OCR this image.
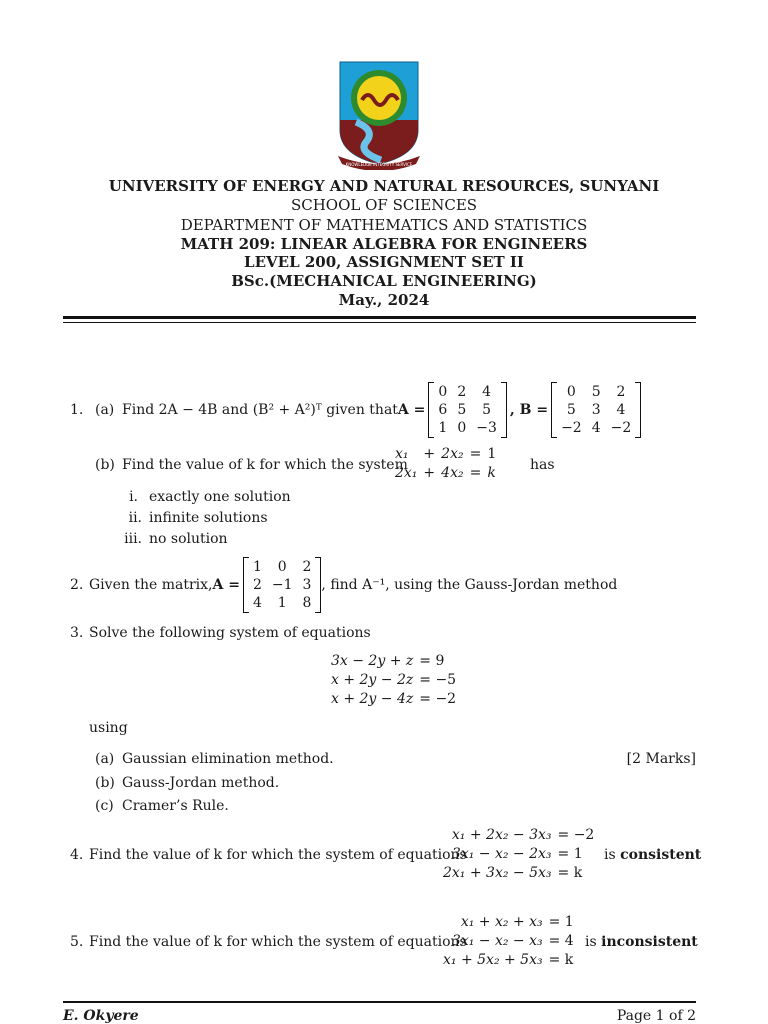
KNOWLEDGE INTEGRITY SERVICE
UNIVERSITY OF ENERGY AND NATURAL RESOURCES, SUNYANI
SCHOOL OF SCIENCES
DEPARTMENT OF MATHEMATICS AND STATISTICS
MATH 209: LINEAR ALGEBRA FOR ENGINEERS
LEVEL 200, ASSIGNMENT SET II
BSc.(MECHANICAL ENGINEERING)
May., 2024
1. (a) Find 2A − 4B and (B² + A²)ᵀ given that A =
0 2	4
6 5	5
1 0 −3
, B =
0	5	2
5	3	4
−2 4 −2
(b) Find the value of k for which the system
x₁	+	2x₂	=	1
2x₁	+	4x₂	=	k has
i. exactly one solution
ii. infinite solutions
iii. no solution
2. Given the matrix, A =
1	0	2
2 −1 3
4	1	8
, find A⁻¹, using the Gauss-Jordan method
3. Solve the following system of equations
3x − 2y + z	= 9
x + 2y − 2z	= −5
x + 2y − 4z	= −2
using
(a) Gaussian elimination method.	[2 Marks]
(b) Gauss-Jordan method.
(c) Cramer’s Rule.
4. Find the value of k for which the system of equations
x₁ + 2x₂ − 3x₃	= −2
3x₁ − x₂ − 2x₃	= 1
2x₁ + 3x₂ − 5x₃	= k
is consistent
5. Find the value of k for which the system of equations
x₁ + x₂ + x₃	= 1
3x₁ − x₂ − x₃	= 4
x₁ + 5x₂ + 5x₃	= k
is inconsistent
E. Okyere	Page 1 of 2
